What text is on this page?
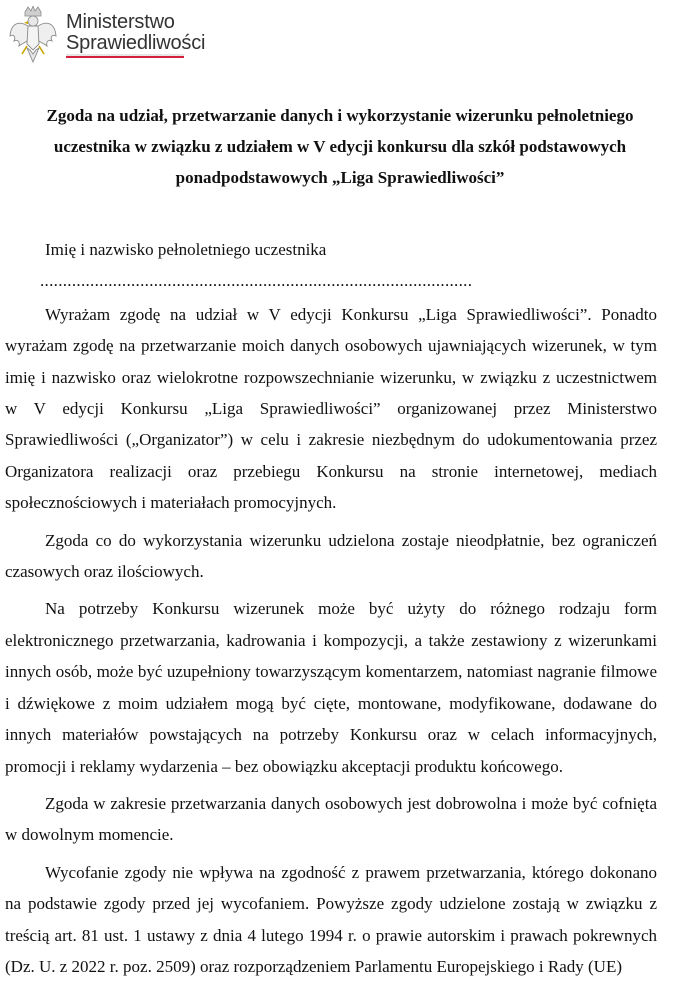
Ministerstwo
Sprawiedliwości
Zgoda na udział, przetwarzanie danych i wykorzystanie wizerunku pełnoletniego
uczestnika w związku z udziałem w V edycji konkursu dla szkół podstawowych
ponadpodstawowych „Liga Sprawiedliwości”

Imię i nazwisko pełnoletniego uczestnika

...............................................................................................

Wyrażam zgodę na udział w V edycji Konkursu „Liga Sprawiedliwości”. Ponadto wyrażam zgodę na przetwarzanie moich danych osobowych ujawniających wizerunek, w tym imię i nazwisko oraz wielokrotne rozpowszechnianie wizerunku, w związku z uczestnictwem w V edycji Konkursu „Liga Sprawiedliwości” organizowanej przez Ministerstwo Sprawiedliwości („Organizator”) w celu i zakresie niezbędnym do udokumentowania przez Organizatora realizacji oraz przebiegu Konkursu na stronie internetowej, mediach społecznościowych i materiałach promocyjnych.

Zgoda co do wykorzystania wizerunku udzielona zostaje nieodpłatnie, bez ograniczeń czasowych oraz ilościowych.

Na potrzeby Konkursu wizerunek może być użyty do różnego rodzaju form elektronicznego przetwarzania, kadrowania i kompozycji, a także zestawiony z wizerunkami innych osób, może być uzupełniony towarzyszącym komentarzem, natomiast nagranie filmowe i dźwiękowe z moim udziałem mogą być cięte, montowane, modyfikowane, dodawane do innych materiałów powstających na potrzeby Konkursu oraz w celach informacyjnych, promocji i reklamy wydarzenia – bez obowiązku akceptacji produktu końcowego.

Zgoda w zakresie przetwarzania danych osobowych jest dobrowolna i może być cofnięta w dowolnym momencie.

Wycofanie zgody nie wpływa na zgodność z prawem przetwarzania, którego dokonano na podstawie zgody przed jej wycofaniem. Powyższe zgody udzielone zostają w związku z treścią art. 81 ust. 1 ustawy z dnia 4 lutego 1994 r. o prawie autorskim i prawach pokrewnych (Dz. U. z 2022 r. poz. 2509) oraz rozporządzeniem Parlamentu Europejskiego i Rady (UE)
